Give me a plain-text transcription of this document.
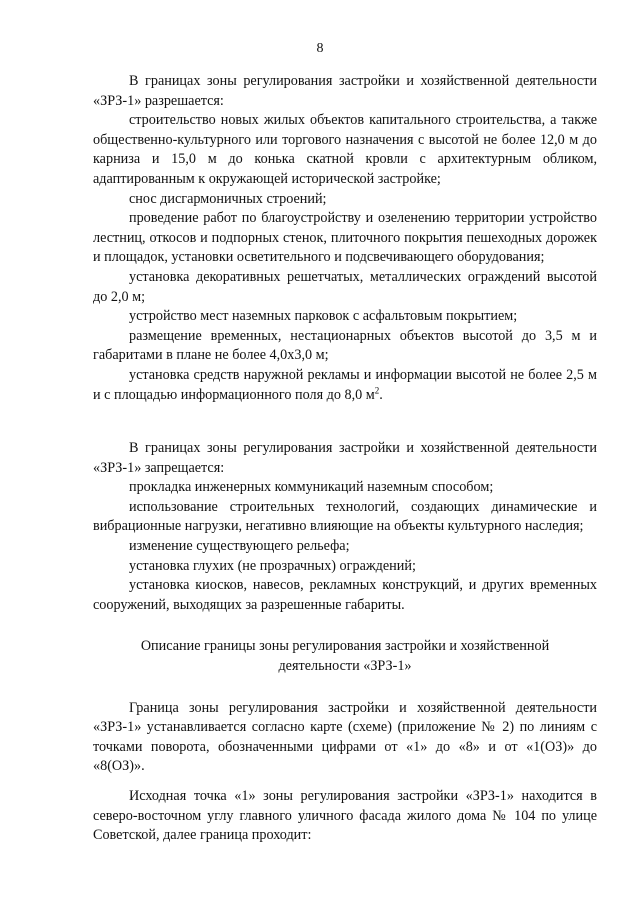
8

В границах зоны регулирования застройки и хозяйственной деятельности «ЗРЗ-1» разрешается:

строительство новых жилых объектов капитального строительства, а также общественно-культурного или торгового назначения с высотой не более 12,0 м до карниза и 15,0 м до конька скатной кровли с архитектурным обликом, адаптированным к окружающей исторической застройке;

снос дисгармоничных строений;

проведение работ по благоустройству и озеленению территории устройство лестниц, откосов и подпорных стенок, плиточного покрытия пешеходных дорожек и площадок, установки осветительного и подсвечивающего оборудования;

установка декоративных решетчатых, металлических ограждений высотой до 2,0 м;

устройство мест наземных парковок с асфальтовым покрытием;

размещение временных, нестационарных объектов высотой до 3,5 м и габаритами в плане не более 4,0х3,0 м;

установка средств наружной рекламы и информации высотой не более 2,5 м и с площадью информационного поля до 8,0 $м^2$.

В границах зоны регулирования застройки и хозяйственной деятельности «ЗРЗ-1» запрещается:

прокладка инженерных коммуникаций наземным способом;

использование строительных технологий, создающих динамические и вибрационные нагрузки, негативно влияющие на объекты культурного наследия;

изменение существующего рельефа;

установка глухих (не прозрачных) ограждений;

установка киосков, навесов, рекламных конструкций, и других временных сооружений, выходящих за разрешенные габариты.

Описание границы зоны регулирования застройки и хозяйственной
деятельности «ЗРЗ-1»

Граница зоны регулирования застройки и хозяйственной деятельности «ЗРЗ-1» устанавливается согласно карте (схеме) (приложение № 2) по линиям с точками поворота, обозначенными цифрами от «1» до «8» и от «1(ОЗ)» до «8(ОЗ)».

Исходная точка «1» зоны регулирования застройки «ЗРЗ-1» находится в северо-восточном углу главного уличного фасада жилого дома № 104 по улице Советской, далее граница проходит:
